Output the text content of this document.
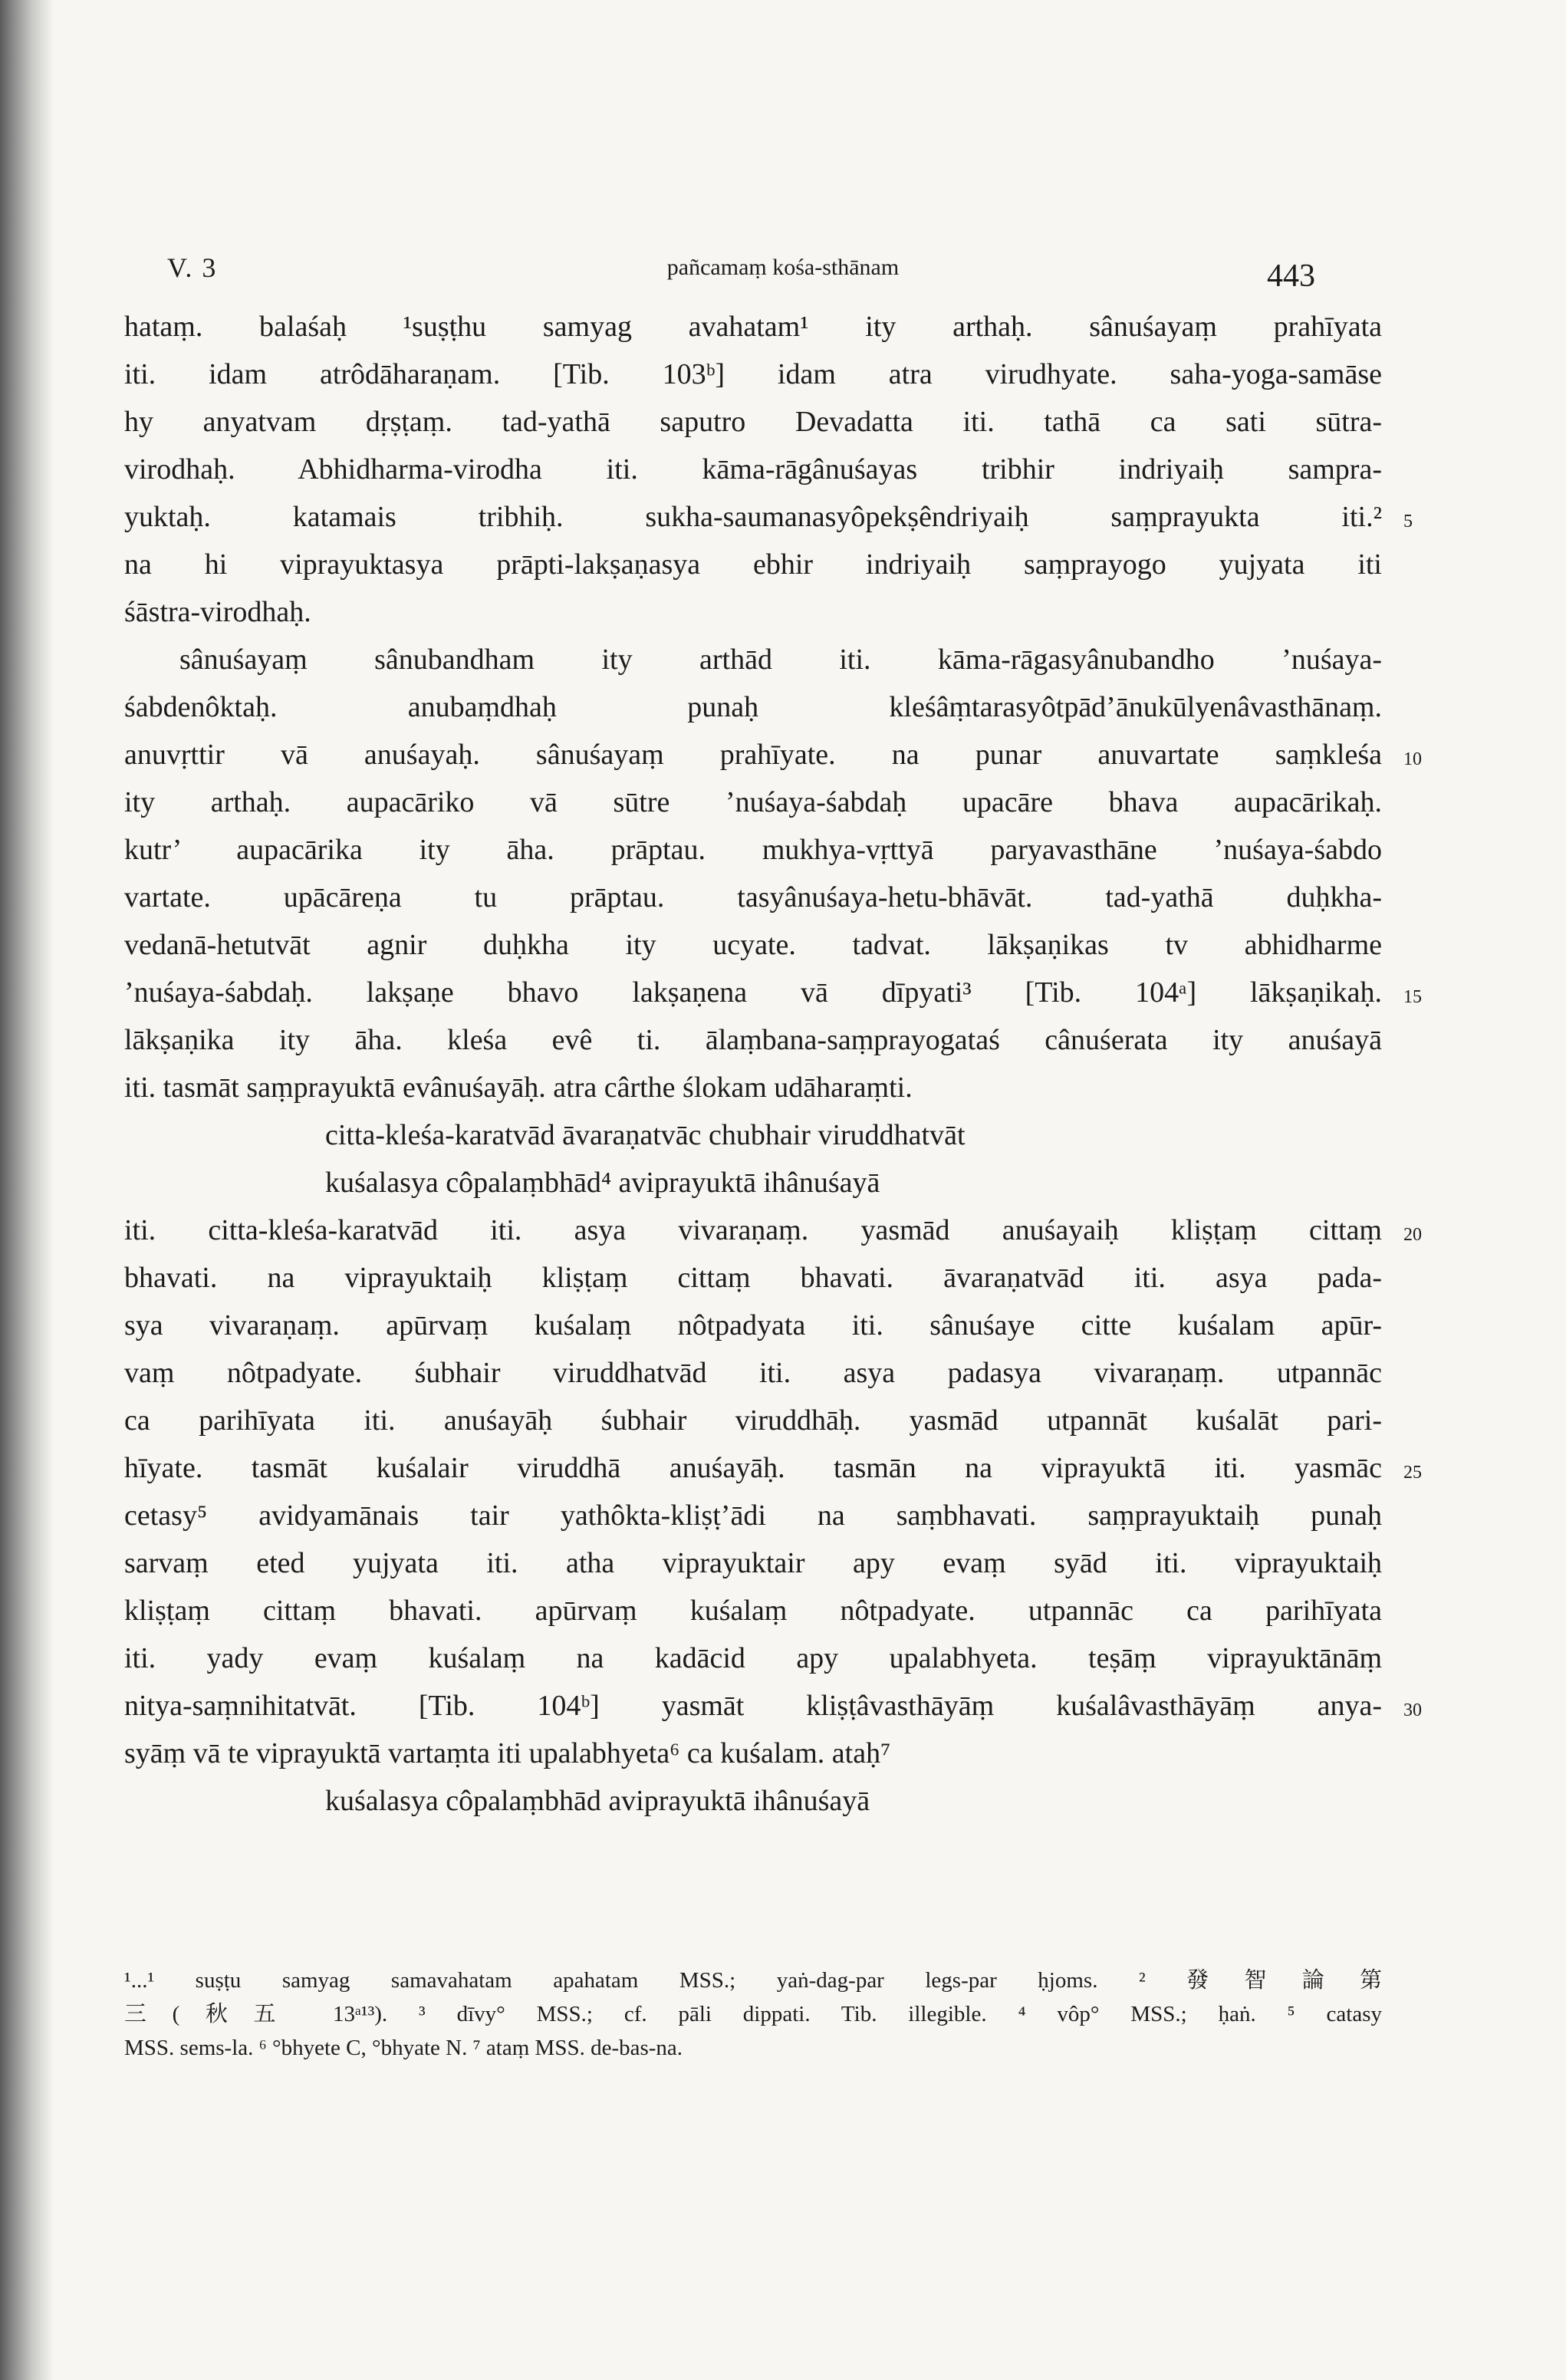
V. 3	pañcamaṃ kośa-sthānam	443
hataṃ. balaśaḥ ¹suṣṭhu samyag avahatam¹ ity arthaḥ. sânuśayaṃ prahīyata
iti. idam atrôdāharaṇam. [Tib. 103ᵇ] idam atra virudhyate. saha-yoga-samāse
hy anyatvam dṛṣṭaṃ. tad-yathā saputro Devadatta iti. tathā ca sati sūtra-
virodhaḥ. Abhidharma-virodha iti. kāma-rāgânuśayas tribhir indriyaiḥ sampra-
yuktaḥ. katamais tribhiḥ. sukha-saumanasyôpekṣêndriyaiḥ saṃprayukta iti.² 5
na hi viprayuktasya prāpti-lakṣaṇasya ebhir indriyaiḥ saṃprayogo yujyata iti
śāstra-virodhaḥ.
sânuśayaṃ sânubandham ity arthād iti. kāma-rāgasyânubandho ’nuśaya-
śabdenôktaḥ. anubaṃdhaḥ punaḥ kleśâṃtarasyôtpād’ānukūlyenâvasthānaṃ.
anuvṛttir vā anuśayaḥ. sânuśayaṃ prahīyate. na punar anuvartate saṃkleśa 10
ity arthaḥ. aupacāriko vā sūtre ’nuśaya-śabdaḥ upacāre bhava aupacārikaḥ.
kutr’ aupacārika ity āha. prāptau. mukhya-vṛttyā paryavasthāne ’nuśaya-śabdo
vartate. upācāreṇa tu prāptau. tasyânuśaya-hetu-bhāvāt. tad-yathā duḥkha-
vedanā-hetutvāt agnir duḥkha ity ucyate. tadvat. lākṣaṇikas tv abhidharme
’nuśaya-śabdaḥ. lakṣaṇe bhavo lakṣaṇena vā dīpyati³ [Tib. 104ᵃ] lākṣaṇikaḥ. 15
lākṣaṇika ity āha. kleśa evê ti. ālaṃbana-saṃprayogataś cânuśerata ity anuśayā
iti. tasmāt saṃprayuktā evânuśayāḥ. atra cârthe ślokam udāharaṃti.
citta-kleśa-karatvād āvaraṇatvāc chubhair viruddhatvāt
kuśalasya côpalaṃbhād⁴ aviprayuktā ihânuśayā
iti. citta-kleśa-karatvād iti. asya vivaraṇaṃ. yasmād anuśayaiḥ kliṣṭaṃ cittaṃ 20
bhavati. na viprayuktaiḥ kliṣṭaṃ cittaṃ bhavati. āvaraṇatvād iti. asya pada-
sya vivaraṇaṃ. apūrvaṃ kuśalaṃ nôtpadyata iti. sânuśaye citte kuśalam apūr-
vaṃ nôtpadyate. śubhair viruddhatvād iti. asya padasya vivaraṇaṃ. utpannāc
ca parihīyata iti. anuśayāḥ śubhair viruddhāḥ. yasmād utpannāt kuśalāt pari-
hīyate. tasmāt kuśalair viruddhā anuśayāḥ. tasmān na viprayuktā iti. yasmāc 25
cetasy⁵ avidyamānais tair yathôkta-kliṣṭ’ādi na saṃbhavati. saṃprayuktaiḥ punaḥ
sarvaṃ eted yujyata iti. atha viprayuktair apy evaṃ syād iti. viprayuktaiḥ
kliṣṭaṃ cittaṃ bhavati. apūrvaṃ kuśalaṃ nôtpadyate. utpannāc ca parihīyata
iti. yady evaṃ kuśalaṃ na kadācid apy upalabhyeta. teṣāṃ viprayuktānāṃ
nitya-saṃnihitatvāt. [Tib. 104ᵇ] yasmāt kliṣṭâvasthāyāṃ kuśalâvasthāyāṃ anya- 30
syāṃ vā te viprayuktā vartaṃta iti upalabhyeta⁶ ca kuśalam. ataḥ⁷
kuśalasya côpalaṃbhād aviprayuktā ihânuśayā
¹...¹ suṣṭu samyag samavahatam apahatam MSS.; yaṅ-dag-par legs-par ḥjoms. ² 發智論第
三(秋五 13ᵃ¹³). ³ dīvy° MSS.; cf. pāli dippati. Tib. illegible. ⁴ vôp° MSS.; ḥaṅ. ⁵ catasy
MSS. sems-la. ⁶ °bhyete C, °bhyate N. ⁷ ataṃ MSS. de-bas-na.
